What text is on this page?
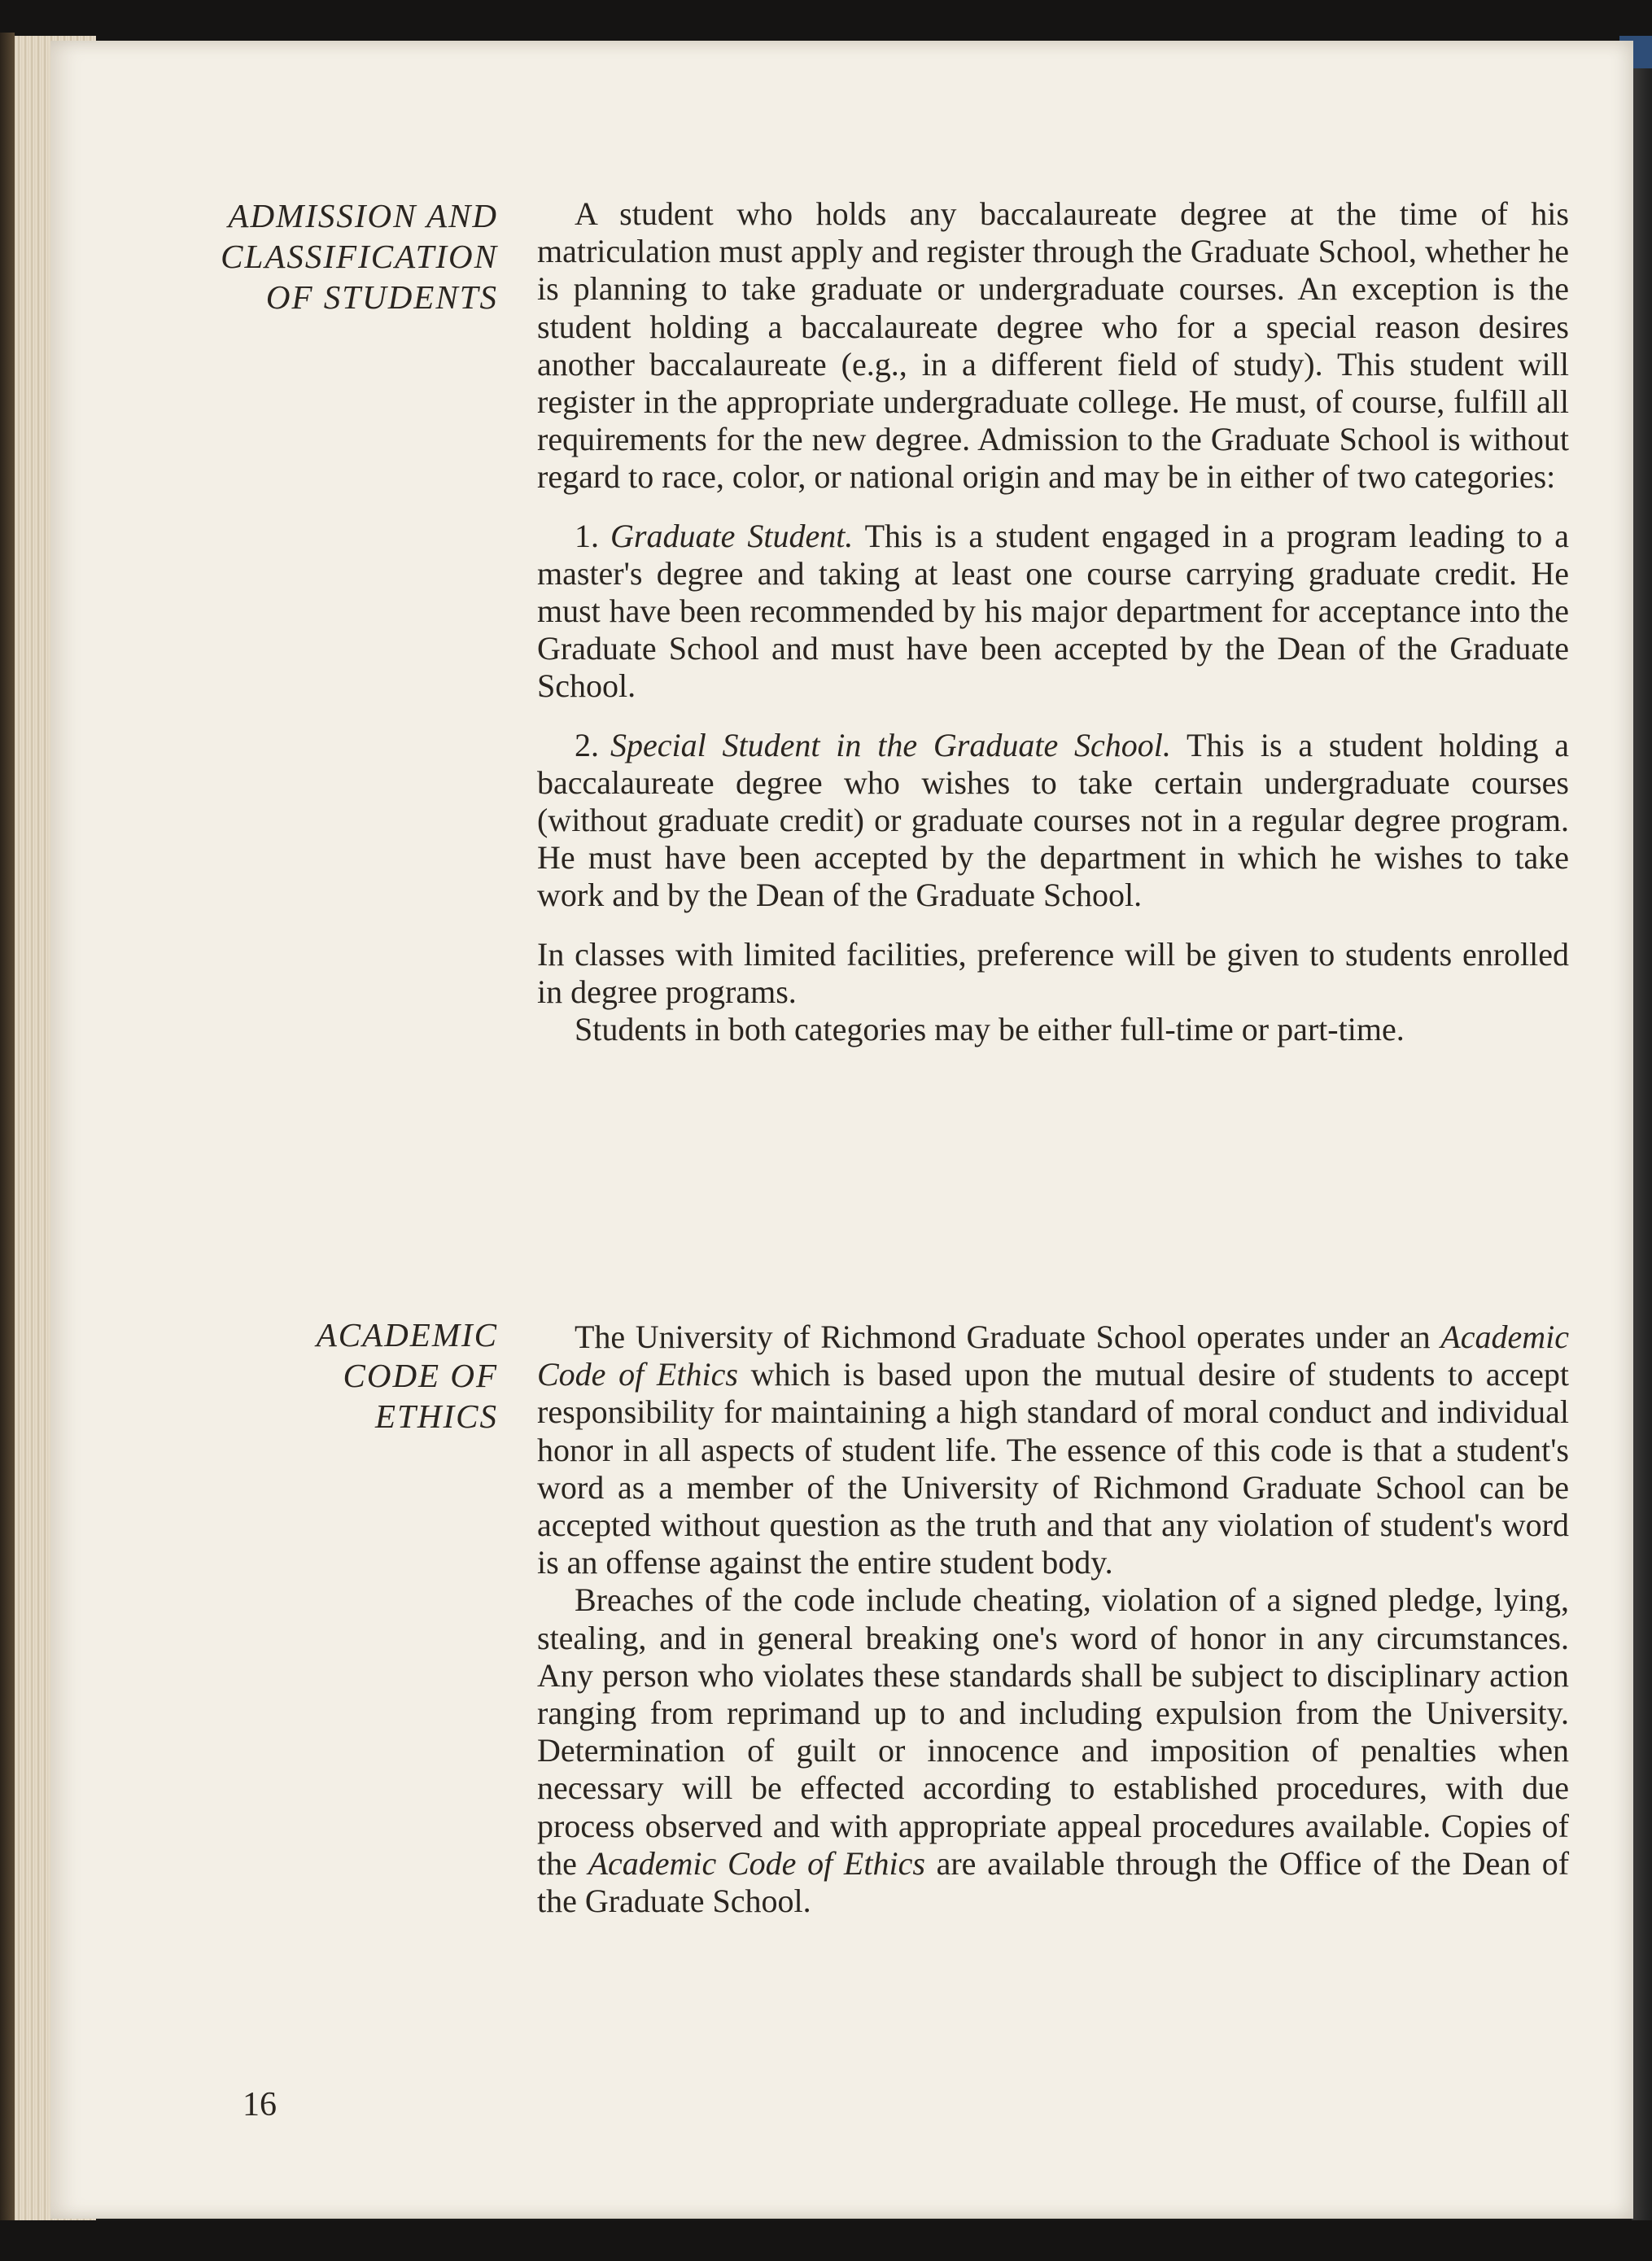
ADMISSION AND
CLASSIFICATION
OF STUDENTS

A student who holds any baccalaureate degree at the time of his matriculation must apply and register through the Graduate School, whether he is planning to take graduate or undergraduate courses. An exception is the student holding a baccalaureate degree who for a special reason desires another baccalaureate (e.g., in a different field of study). This student will register in the appropriate undergraduate college. He must, of course, fulfill all requirements for the new degree. Admission to the Graduate School is without regard to race, color, or national origin and may be in either of two categories:

1. Graduate Student. This is a student engaged in a program leading to a master's degree and taking at least one course carrying graduate credit. He must have been recommended by his major department for acceptance into the Graduate School and must have been accepted by the Dean of the Graduate School.

2. Special Student in the Graduate School. This is a student holding a baccalaureate degree who wishes to take certain undergraduate courses (without graduate credit) or graduate courses not in a regular degree program. He must have been accepted by the department in which he wishes to take work and by the Dean of the Graduate School.

In classes with limited facilities, preference will be given to students enrolled in degree programs.

Students in both categories may be either full-time or part-time.

ACADEMIC
CODE OF
ETHICS

The University of Richmond Graduate School operates under an Academic Code of Ethics which is based upon the mutual desire of students to accept responsibility for maintaining a high standard of moral conduct and individual honor in all aspects of student life. The essence of this code is that a student's word as a member of the University of Richmond Graduate School can be accepted without question as the truth and that any violation of student's word is an offense against the entire student body.

Breaches of the code include cheating, violation of a signed pledge, lying, stealing, and in general breaking one's word of honor in any circumstances. Any person who violates these standards shall be subject to disciplinary action ranging from reprimand up to and including expulsion from the University. Determination of guilt or innocence and imposition of penalties when necessary will be effected according to established procedures, with due process observed and with appropriate appeal procedures available. Copies of the Academic Code of Ethics are available through the Office of the Dean of the Graduate School.

16
